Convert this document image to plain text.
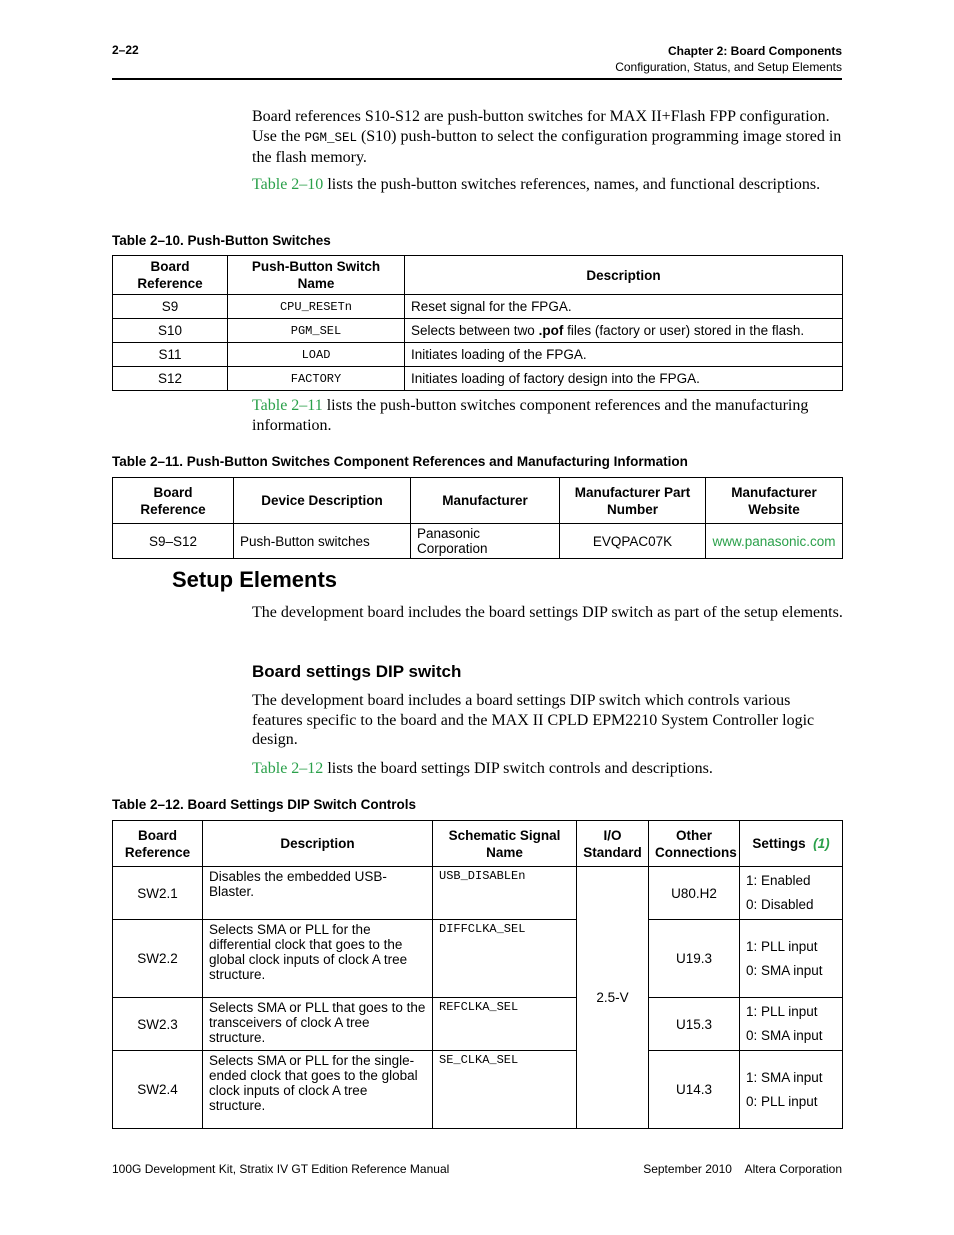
2–22	Chapter 2: Board Components
Configuration, Status, and Setup Elements
Board references S10-S12 are push-button switches for MAX II+Flash FPP configuration. Use the PGM_SEL (S10) push-button to select the configuration programming image stored in the flash memory.
Table 2–10 lists the push-button switches references, names, and functional descriptions.
Table 2–10. Push-Button Switches
Board Reference	Push-Button Switch Name	Description
S9	CPU_RESETn	Reset signal for the FPGA.
S10	PGM_SEL	Selects between two .pof files (factory or user) stored in the flash.
S11	LOAD	Initiates loading of the FPGA.
S12	FACTORY	Initiates loading of factory design into the FPGA.
Table 2–11 lists the push-button switches component references and the manufacturing information.
Table 2–11. Push-Button Switches Component References and Manufacturing Information
Board Reference	Device Description	Manufacturer	Manufacturer Part Number	Manufacturer Website
S9–S12	Push-Button switches	Panasonic Corporation	EVQPAC07K	www.panasonic.com
Setup Elements
The development board includes the board settings DIP switch as part of the setup elements.
Board settings DIP switch
The development board includes a board settings DIP switch which controls various features specific to the board and the MAX II CPLD EPM2210 System Controller logic design.
Table 2–12 lists the board settings DIP switch controls and descriptions.
Table 2–12. Board Settings DIP Switch Controls
Board Reference	Description	Schematic Signal Name	I/O Standard	Other Connections	Settings (1)
SW2.1	Disables the embedded USB-Blaster.	USB_DISABLEn	2.5-V	U80.H2	1: Enabled
0: Disabled

SW2.2	Selects SMA or PLL for the differential clock that goes to the global clock inputs of clock A tree structure.	DIFFCLKA_SEL		U19.3	1: PLL input
0: SMA input

SW2.3	Selects SMA or PLL that goes to the transceivers of clock A tree structure.	REFCLKA_SEL		U15.3	1: PLL input
0: SMA input

SW2.4	Selects SMA or PLL for the single-ended clock that goes to the global clock inputs of clock A tree structure.	SE_CLKA_SEL		U14.3	1: SMA input
0: PLL input
100G Development Kit, Stratix IV GT Edition Reference Manual	September 2010    Altera Corporation
